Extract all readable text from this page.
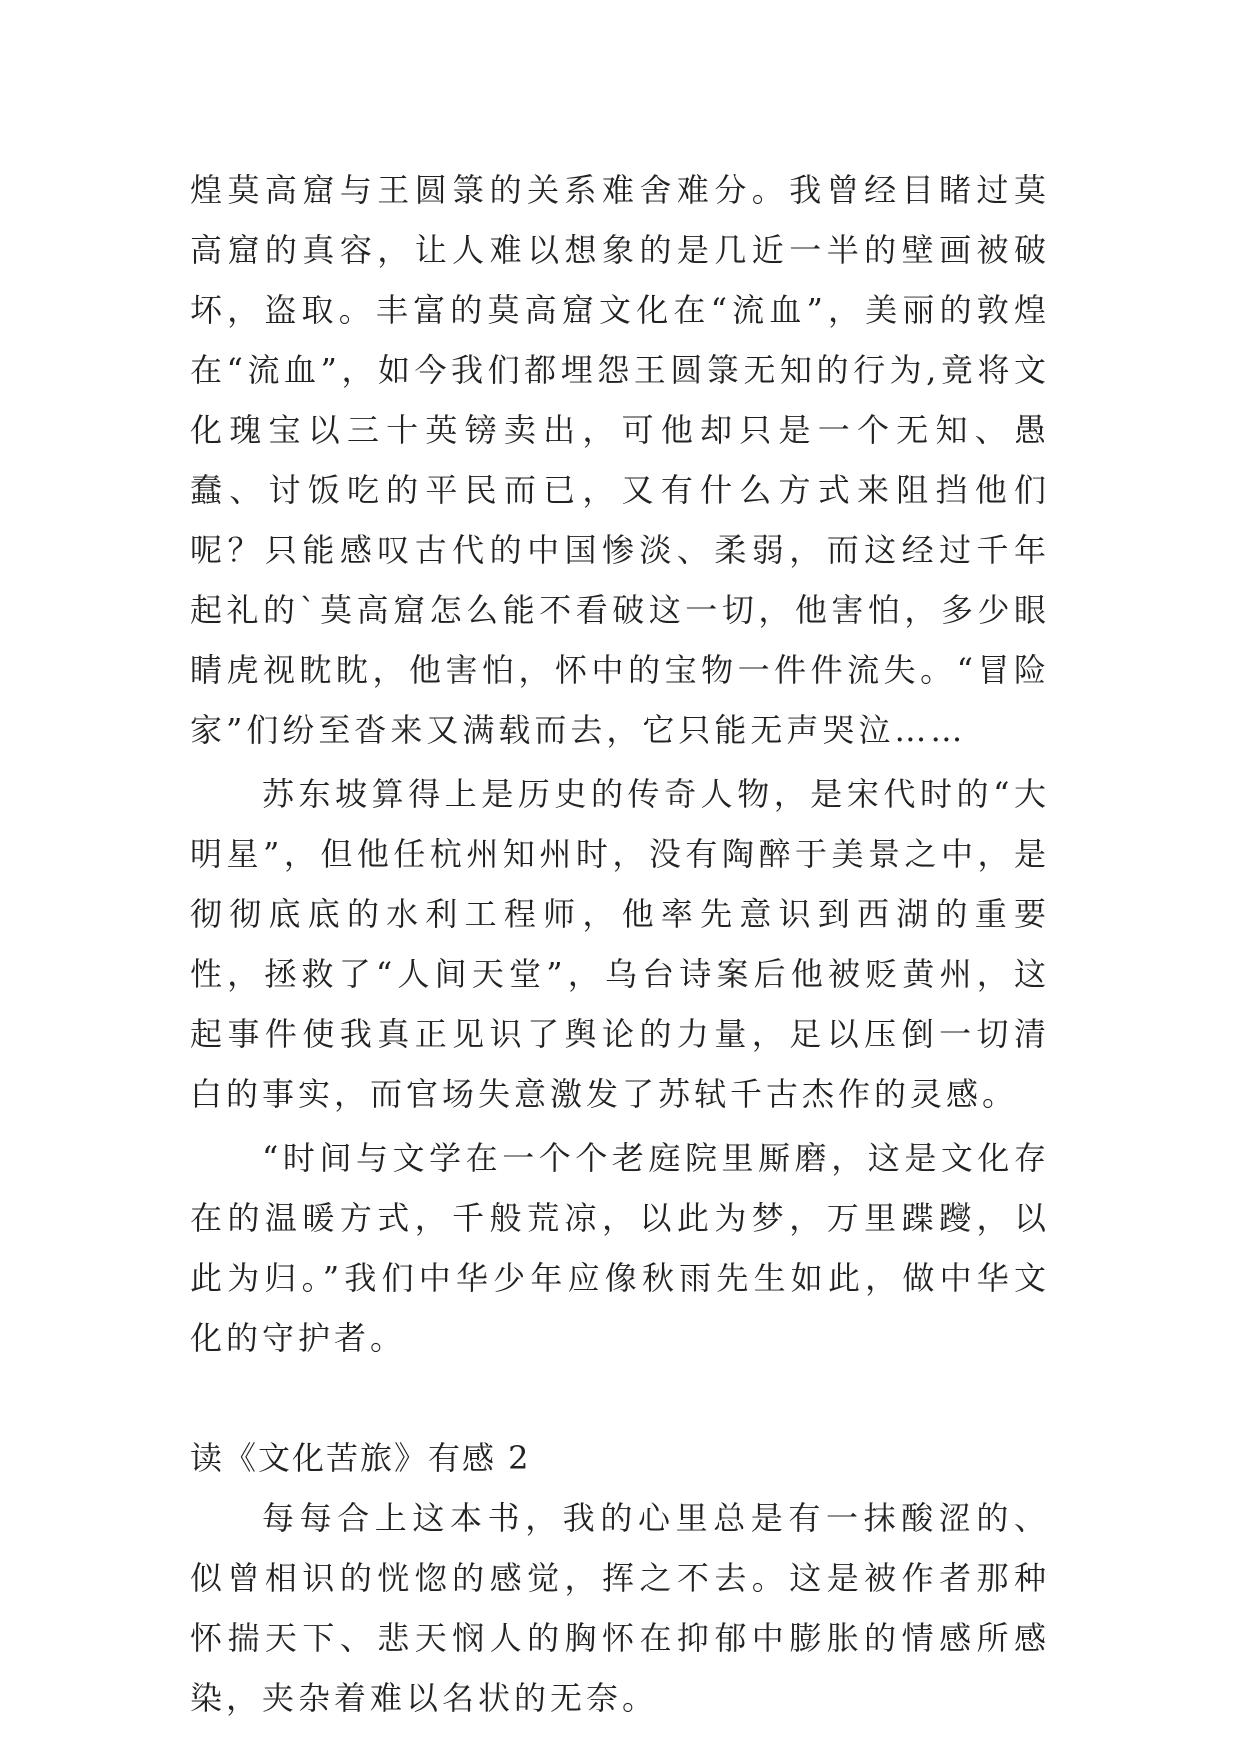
煌莫高窟与王圆箓的关系难舍难分。我曾经目睹过莫高窟的真容，让人难以想象的是几近一半的壁画被破坏，盗取。丰富的莫高窟文化在“流血”，美丽的敦煌在“流血”，如今我们都埋怨王圆箓无知的行为,竟将文化瑰宝以三十英镑卖出，可他却只是一个无知、愚蠢、讨饭吃的平民而已，又有什么方式来阻挡他们呢？只能感叹古代的中国惨淡、柔弱，而这经过千年起礼的`莫高窟怎么能不看破这一切，他害怕，多少眼睛虎视眈眈，他害怕，怀中的宝物一件件流失。“冒险家”们纷至沓来又满载而去，它只能无声哭泣……

苏东坡算得上是历史的传奇人物，是宋代时的“大明星”，但他任杭州知州时，没有陶醉于美景之中，是彻彻底底的水利工程师，他率先意识到西湖的重要性，拯救了“人间天堂”，乌台诗案后他被贬黄州，这起事件使我真正见识了舆论的力量，足以压倒一切清白的事实，而官场失意激发了苏轼千古杰作的灵感。

“时间与文学在一个个老庭院里厮磨，这是文化存在的温暖方式，千般荒凉，以此为梦，万里蹀躞，以此为归。”我们中华少年应像秋雨先生如此，做中华文化的守护者。

读《文化苦旅》有感 2

每每合上这本书，我的心里总是有一抹酸涩的、似曾相识的恍惚的感觉，挥之不去。这是被作者那种怀揣天下、悲天悯人的胸怀在抑郁中膨胀的情感所感染，夹杂着难以名状的无奈。
